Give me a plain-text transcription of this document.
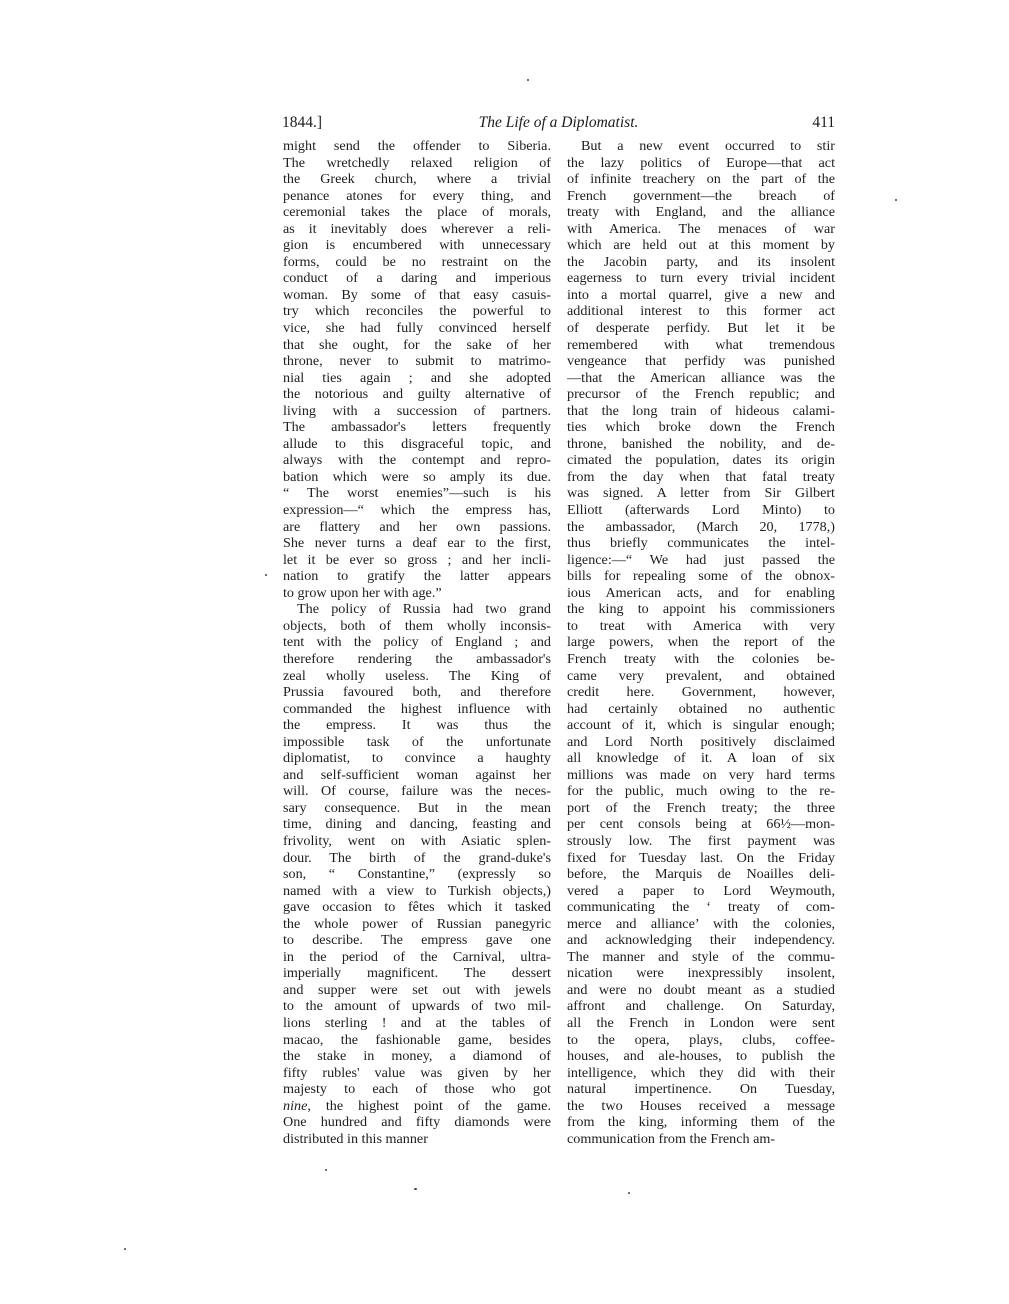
1844.]	The Life of a Diplomatist.	411
might send the offender to Siberia.
The wretchedly relaxed religion of
the Greek church, where a trivial
penance atones for every thing, and
ceremonial takes the place of morals,
as it inevitably does wherever a reli-
gion is encumbered with unnecessary
forms, could be no restraint on the
conduct of a daring and imperious
woman. By some of that easy casuis-
try which reconciles the powerful to
vice, she had fully convinced herself
that she ought, for the sake of her
throne, never to submit to matrimo-
nial ties again ; and she adopted
the notorious and guilty alternative of
living with a succession of partners.
The ambassador's letters frequently
allude to this disgraceful topic, and
always with the contempt and repro-
bation which were so amply its due.
“ The worst enemies”—such is his
expression—“ which the empress has,
are flattery and her own passions.
She never turns a deaf ear to the first,
let it be ever so gross ; and her incli-
nation to gratify the latter appears
to grow upon her with age.”
The policy of Russia had two grand
objects, both of them wholly inconsis-
tent with the policy of England ; and
therefore rendering the ambassador's
zeal wholly useless. The King of
Prussia favoured both, and therefore
commanded the highest influence with
the empress. It was thus the
impossible task of the unfortunate
diplomatist, to convince a haughty
and self-sufficient woman against her
will. Of course, failure was the neces-
sary consequence. But in the mean
time, dining and dancing, feasting and
frivolity, went on with Asiatic splen-
dour. The birth of the grand-duke's
son, “ Constantine,” (expressly so
named with a view to Turkish objects,)
gave occasion to fêtes which it tasked
the whole power of Russian panegyric
to describe. The empress gave one
in the period of the Carnival, ultra-
imperially magnificent. The dessert
and supper were set out with jewels
to the amount of upwards of two mil-
lions sterling ! and at the tables of
macao, the fashionable game, besides
the stake in money, a diamond of
fifty rubles' value was given by her
majesty to each of those who got
nine, the highest point of the game.
One hundred and fifty diamonds were
distributed in this manner
But a new event occurred to stir
the lazy politics of Europe—that act
of infinite treachery on the part of the
French government—the breach of
treaty with England, and the alliance
with America. The menaces of war
which are held out at this moment by
the Jacobin party, and its insolent
eagerness to turn every trivial incident
into a mortal quarrel, give a new and
additional interest to this former act
of desperate perfidy. But let it be
remembered with what tremendous
vengeance that perfidy was punished
—that the American alliance was the
precursor of the French republic; and
that the long train of hideous calami-
ties which broke down the French
throne, banished the nobility, and de-
cimated the population, dates its origin
from the day when that fatal treaty
was signed. A letter from Sir Gilbert
Elliott (afterwards Lord Minto) to
the ambassador, (March 20, 1778,)
thus briefly communicates the intel-
ligence:—“ We had just passed the
bills for repealing some of the obnox-
ious American acts, and for enabling
the king to appoint his commissioners
to treat with America with very
large powers, when the report of the
French treaty with the colonies be-
came very prevalent, and obtained
credit here. Government, however,
had certainly obtained no authentic
account of it, which is singular enough;
and Lord North positively disclaimed
all knowledge of it. A loan of six
millions was made on very hard terms
for the public, much owing to the re-
port of the French treaty; the three
per cent consols being at 66½—mon-
strously low. The first payment was
fixed for Tuesday last. On the Friday
before, the Marquis de Noailles deli-
vered a paper to Lord Weymouth,
communicating the ‘ treaty of com-
merce and alliance’ with the colonies,
and acknowledging their independency.
The manner and style of the commu-
nication were inexpressibly insolent,
and were no doubt meant as a studied
affront and challenge. On Saturday,
all the French in London were sent
to the opera, plays, clubs, coffee-
houses, and ale-houses, to publish the
intelligence, which they did with their
natural impertinence. On Tuesday,
the two Houses received a message
from the king, informing them of the
communication from the French am-
